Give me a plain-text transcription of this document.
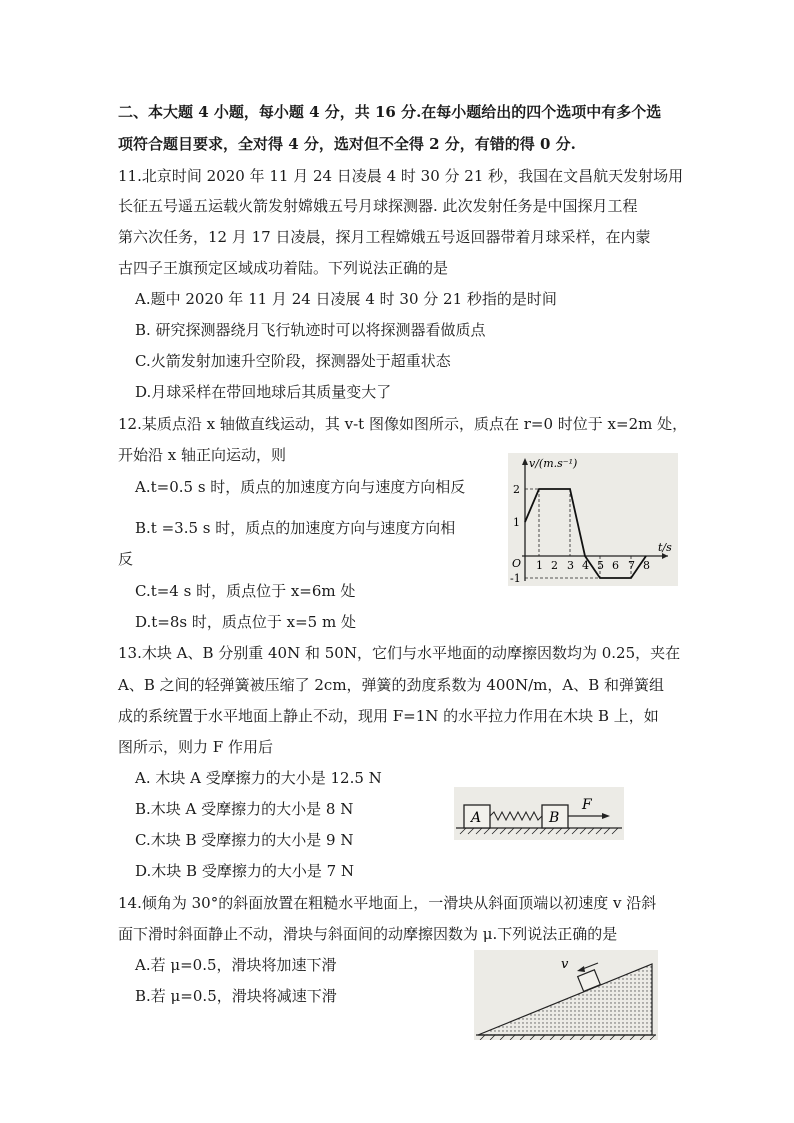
二、本大题 4 小题，每小题 4 分，共 16 分.在每小题给出的四个选项中有多个选
项符合题目要求，全对得 4 分，选对但不全得 2 分，有错的得 0 分.
11.北京时间 2020 年 11 月 24 日凌晨 4 时 30 分 21 秒，我国在文昌航天发射场用
长征五号遥五运载火箭发射嫦娥五号月球探测器. 此次发射任务是中国探月工程
第六次任务，12 月 17 日凌晨，探月工程嫦娥五号返回器带着月球采样，在内蒙
古四子王旗预定区域成功着陆。下列说法正确的是
A.题中 2020 年 11 月 24 日凌展 4 时 30 分 21 秒指的是时间
B. 研究探测器绕月飞行轨迹时可以将探测器看做质点
C.火箭发射加速升空阶段，探测器处于超重状态
D.月球采样在带回地球后其质量变大了
12.某质点沿 x 轴做直线运动，其 v-t 图像如图所示，质点在 r=0 时位于 x=2m 处，
开始沿 x 轴正向运动，则
A.t=0.5 s 时，质点的加速度方向与速度方向相反
B.t =3.5 s 时，质点的加速度方向与速度方向相
反
C.t=4 s 时，质点位于 x=6m 处
D.t=8s 时，质点位于 x=5 m 处
v/(m.s⁻¹)
t/s
O
2
1
-1
1 2 3 4 5 6 7 8
13.木块 A、B 分别重 40N 和 50N，它们与水平地面的动摩擦因数均为 0.25，夹在
A、B 之间的轻弹簧被压缩了 2cm，弹簧的劲度系数为 400N/m，A、B 和弹簧组
成的系统置于水平地面上静止不动，现用 F=1N 的水平拉力作用在木块 B 上，如
图所示，则力 F 作用后
A. 木块 A 受摩擦力的大小是 12.5 N
B.木块 A 受摩擦力的大小是 8 N
C.木块 B 受摩擦力的大小是 9 N
D.木块 B 受摩擦力的大小是 7 N
A	B
F
14.倾角为 30°的斜面放置在粗糙水平地面上，一滑块从斜面顶端以初速度 v 沿斜
面下滑时斜面静止不动，滑块与斜面间的动摩擦因数为 μ.下列说法正确的是
A.若 μ=0.5，滑块将加速下滑
B.若 μ=0.5，滑块将减速下滑
v
